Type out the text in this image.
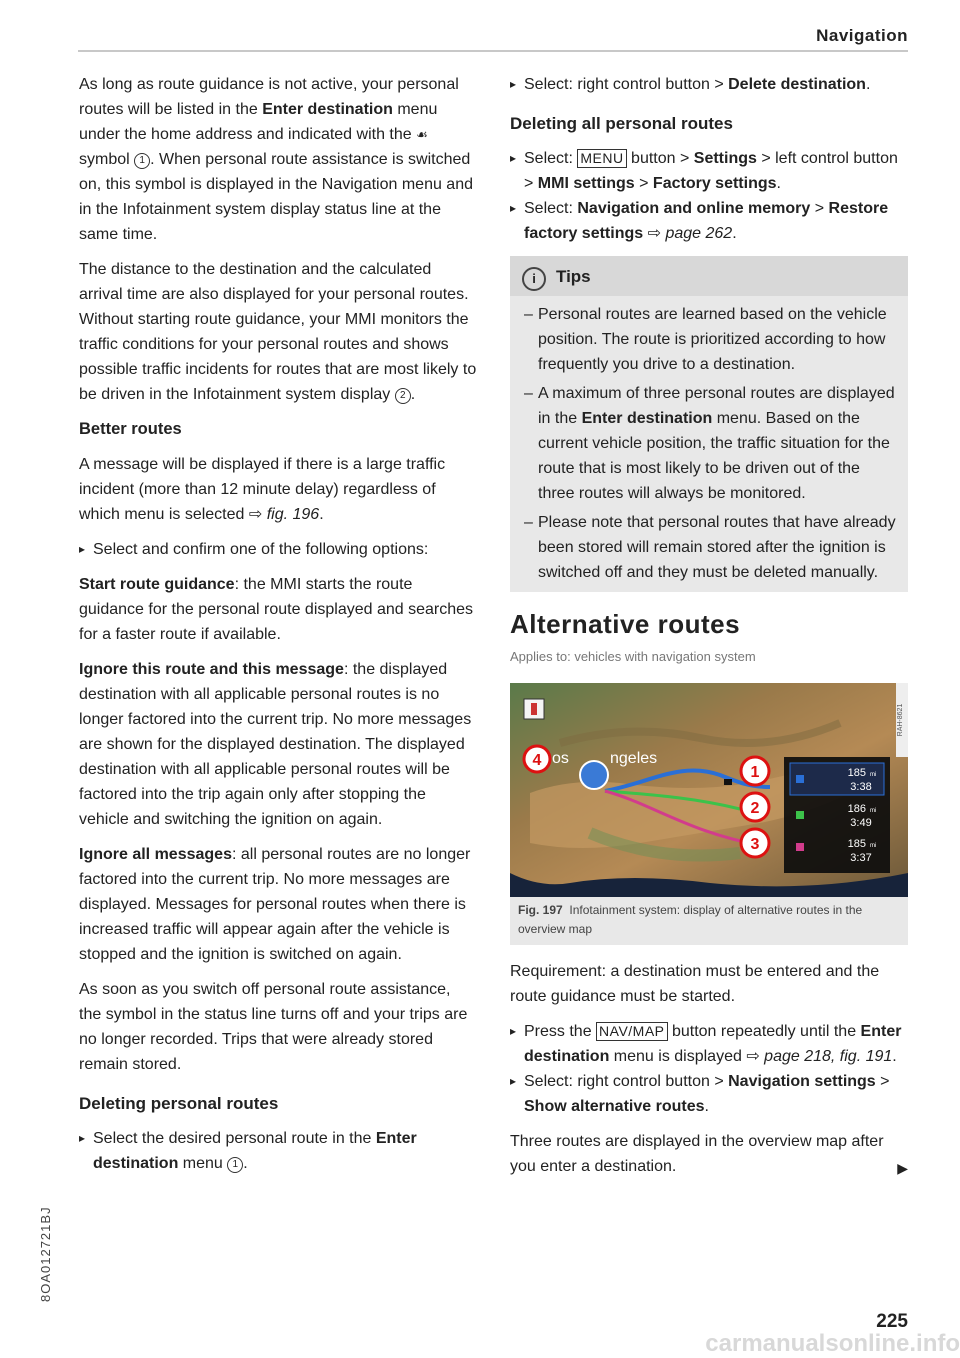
Navigation

As long as route guidance is not active, your personal routes will be listed in the Enter destination menu under the home address and indicated with the ☙ symbol 1 . When personal route assistance is switched on, this symbol is displayed in the Navigation menu and in the Infotainment system display status line at the same time.

The distance to the destination and the calculated arrival time are also displayed for your personal routes. Without starting route guidance, your MMI monitors the traffic conditions for your personal routes and shows possible traffic incidents for routes that are most likely to be driven in the Infotainment system display 2 .

Better routes

A message will be displayed if there is a large traffic incident (more than 12 minute delay) regardless of which menu is selected ⇨ fig. 196.

▸ Select and confirm one of the following options:

Start route guidance: the MMI starts the route guidance for the personal route displayed and searches for a faster route if available.

Ignore this route and this message: the displayed destination with all applicable personal routes is no longer factored into the current trip. No more messages are shown for the displayed destination. The displayed destination with all applicable personal routes will be factored into the trip again only after stopping the vehicle and switching the ignition on again.

Ignore all messages: all personal routes are no longer factored into the current trip. No more messages are displayed. Messages for personal routes when there is increased traffic will appear again after the vehicle is stopped and the ignition is switched on again.

As soon as you switch off personal route assistance, the symbol in the status line turns off and your trips are no longer recorded. Trips that were already stored remain stored.

Deleting personal routes
▸ Select the desired personal route in the Enter destination menu 1 .
▸ Select: right control button > Delete destination.
Deleting all personal routes
▸ Select: MENU button > Settings > left control button > MMI settings > Factory settings.
▸ Select: Navigation and online memory > Restore factory settings ⇨ page 262.
i Tips
– Personal routes are learned based on the vehicle position. The route is prioritized according to how frequently you drive to a destination.
– A maximum of three personal routes are displayed in the Enter destination menu. Based on the current vehicle position, the traffic situation for the route that is most likely to be driven out of the three routes will always be monitored.
– Please note that personal routes that have already been stored will remain stored after the ignition is switched off and they must be deleted manually.
Alternative routes
Applies to: vehicles with navigation system
4 os	ngeles
1
2
3
185 mi
3:38
186 mi
3:49
185 mi
3:37
RAH-8621
Fig. 197 Infotainment system: display of alternative routes in the overview map

Requirement: a destination must be entered and the route guidance must be started.

▸ Press the NAV/MAP button repeatedly until the Enter destination menu is displayed ⇨ page 218, fig. 191.
▸ Select: right control button > Navigation settings > Show alternative routes.

Three routes are displayed in the overview map after you enter a destination.	▶

8OA012721BJ
225
carmanualsonline.info
